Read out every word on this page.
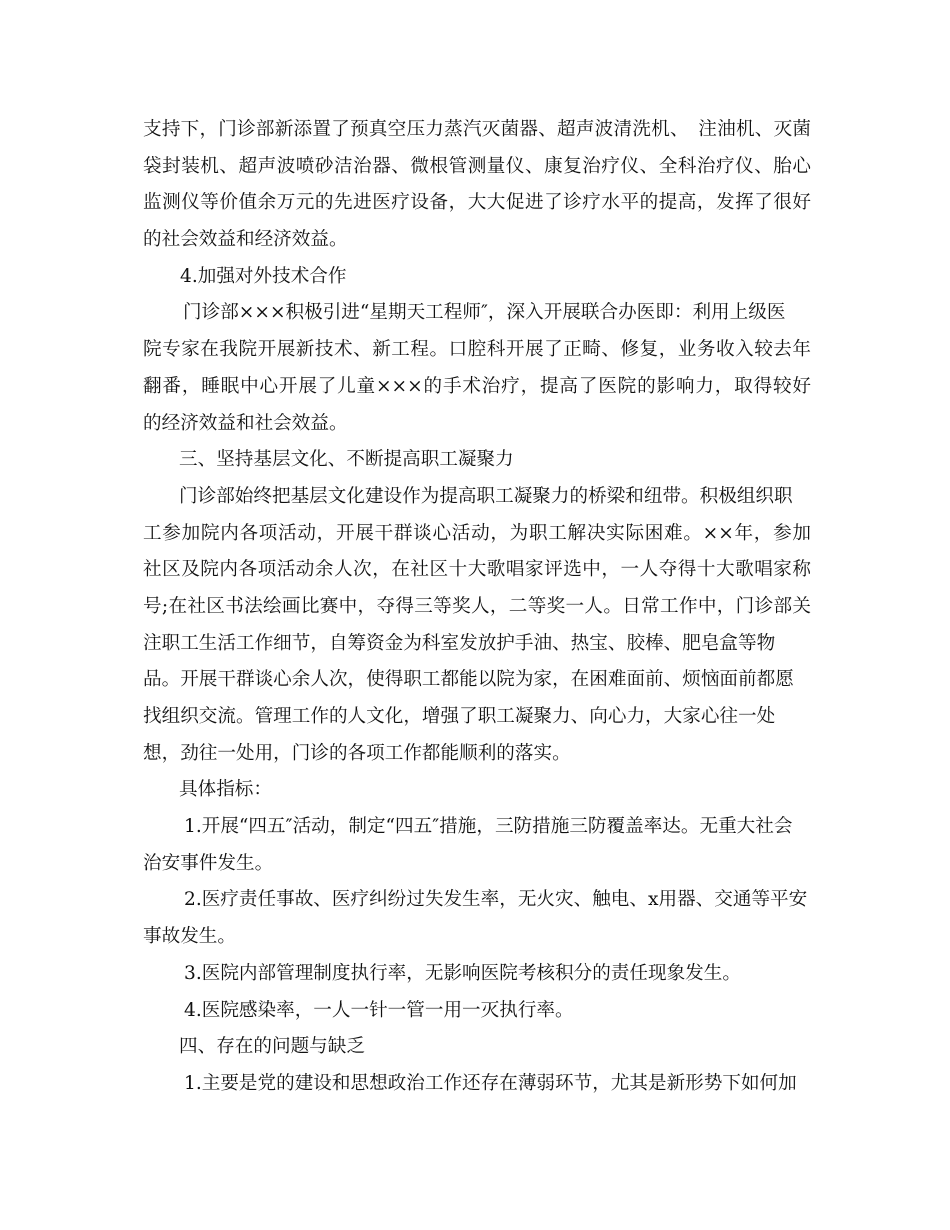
支持下，门诊部新添置了预真空压力蒸汽灭菌器、超声波清洗机、　注油机、灭菌
袋封装机、超声波喷砂洁治器、微根管测量仪、康复治疗仪、全科治疗仪、胎心
监测仪等价值余万元的先进医疗设备，大大促进了诊疗水平的提高，发挥了很好
的社会效益和经济效益。
4.加强对外技术合作
门诊部×××积极引进“星期天工程师″，深入开展联合办医即：利用上级医
院专家在我院开展新技术、新工程。口腔科开展了正畸、修复，业务收入较去年
翻番，睡眠中心开展了儿童×××的手术治疗，提高了医院的影响力，取得较好
的经济效益和社会效益。
三、坚持基层文化、不断提高职工凝聚力
门诊部始终把基层文化建设作为提高职工凝聚力的桥梁和纽带。积极组织职
工参加院内各项活动，开展干群谈心活动，为职工解决实际困难。××年，参加
社区及院内各项活动余人次，在社区十大歌唱家评选中，一人夺得十大歌唱家称
号;在社区书法绘画比赛中，夺得三等奖人，二等奖一人。日常工作中，门诊部关
注职工生活工作细节，自筹资金为科室发放护手油、热宝、胶棒、肥皂盒等物
品。开展干群谈心余人次，使得职工都能以院为家，在困难面前、烦恼面前都愿
找组织交流。管理工作的人文化，增强了职工凝聚力、向心力，大家心往一处
想，劲往一处用，门诊的各项工作都能顺利的落实。
具体指标：
1.开展“四五″活动，制定“四五″措施，三防措施三防覆盖率达。无重大社会
治安事件发生。
2.医疗责任事故、医疗纠纷过失发生率，无火灾、触电、x用器、交通等平安
事故发生。
3.医院内部管理制度执行率，无影响医院考核积分的责任现象发生。
4.医院感染率，一人一针一管一用一灭执行率。
四、存在的问题与缺乏
1.主要是党的建设和思想政治工作还存在薄弱环节，尤其是新形势下如何加
